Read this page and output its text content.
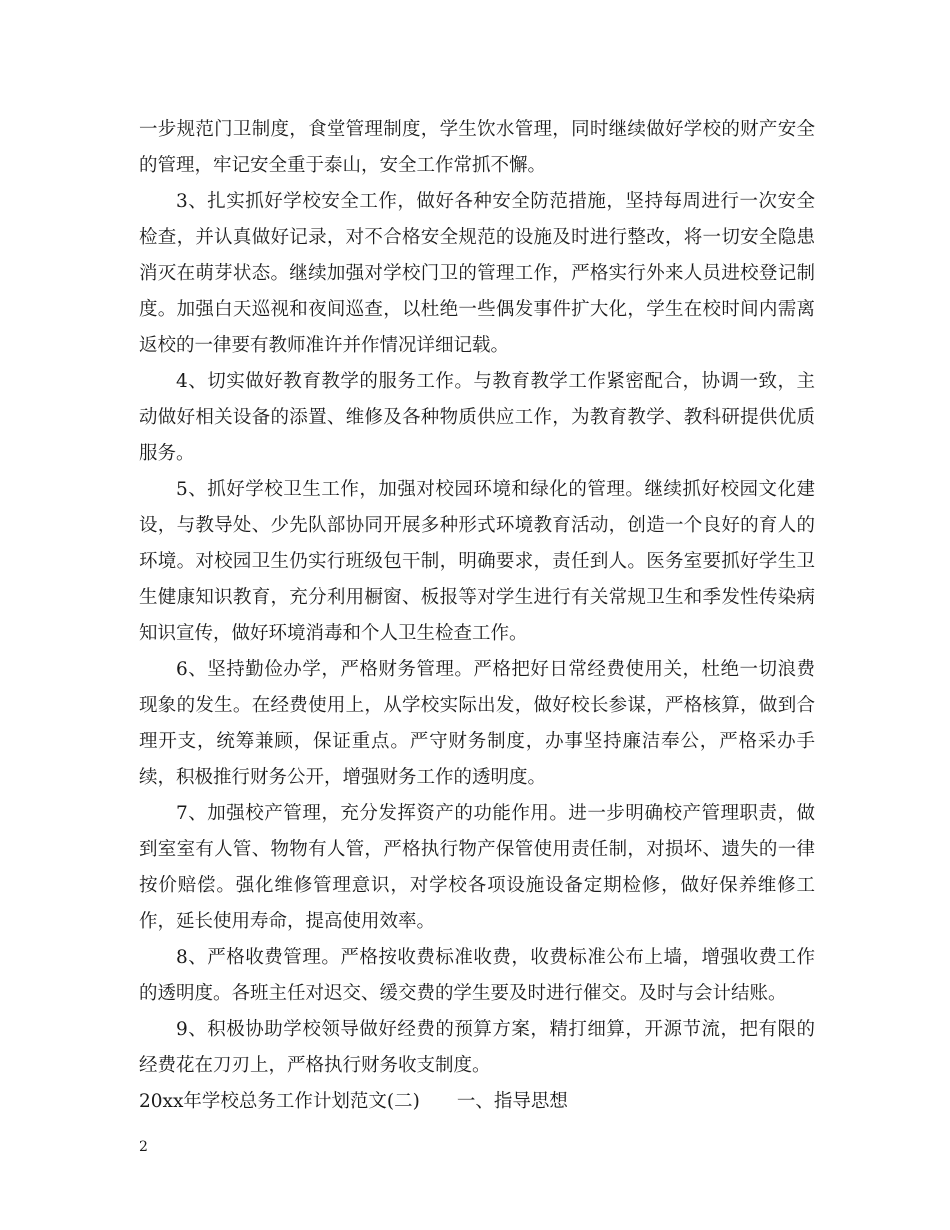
一步规范门卫制度，食堂管理制度，学生饮水管理，同时继续做好学校的财产安全的管理，牢记安全重于泰山，安全工作常抓不懈。

3、扎实抓好学校安全工作，做好各种安全防范措施，坚持每周进行一次安全检查，并认真做好记录，对不合格安全规范的设施及时进行整改，将一切安全隐患消灭在萌芽状态。继续加强对学校门卫的管理工作，严格实行外来人员进校登记制度。加强白天巡视和夜间巡查，以杜绝一些偶发事件扩大化，学生在校时间内需离返校的一律要有教师准许并作情况详细记载。

4、切实做好教育教学的服务工作。与教育教学工作紧密配合，协调一致，主动做好相关设备的添置、维修及各种物质供应工作，为教育教学、教科研提供优质服务。

5、抓好学校卫生工作，加强对校园环境和绿化的管理。继续抓好校园文化建设，与教导处、少先队部协同开展多种形式环境教育活动，创造一个良好的育人的环境。对校园卫生仍实行班级包干制，明确要求，责任到人。医务室要抓好学生卫生健康知识教育，充分利用橱窗、板报等对学生进行有关常规卫生和季发性传染病知识宣传，做好环境消毒和个人卫生检查工作。

6、坚持勤俭办学，严格财务管理。严格把好日常经费使用关，杜绝一切浪费现象的发生。在经费使用上，从学校实际出发，做好校长参谋，严格核算，做到合理开支，统筹兼顾，保证重点。严守财务制度，办事坚持廉洁奉公，严格采办手续，积极推行财务公开，增强财务工作的透明度。

7、加强校产管理，充分发挥资产的功能作用。进一步明确校产管理职责，做到室室有人管、物物有人管，严格执行物产保管使用责任制，对损坏、遗失的一律按价赔偿。强化维修管理意识，对学校各项设施设备定期检修，做好保养维修工作，延长使用寿命，提高使用效率。

8、严格收费管理。严格按收费标准收费，收费标准公布上墙，增强收费工作的透明度。各班主任对迟交、缓交费的学生要及时进行催交。及时与会计结账。

9、积极协助学校领导做好经费的预算方案，精打细算，开源节流，把有限的经费花在刀刃上，严格执行财务收支制度。

20xx年学校总务工作计划范文(二)　　一、指导思想

2
